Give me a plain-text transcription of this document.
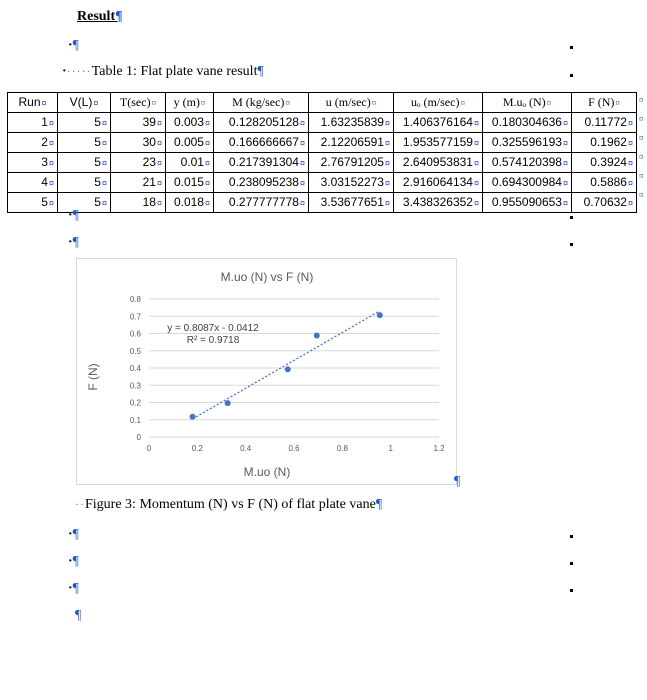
Result¶
·¶
······Table 1: Flat plate vane result¶
Run¤	V(L)¤	T(sec)¤	y (m)¤	M (kg/sec)¤	u (m/sec)¤	uₒ (m/sec)¤	M.uₒ (N)¤	F (N)¤
1¤	5¤	39¤	0.003¤	0.128205128¤	1.63235839¤	1.406376164¤	0.180304636¤	0.11772¤
2¤	5¤	30¤	0.005¤	0.166666667¤	2.12206591¤	1.953577159¤	0.325596193¤	0.1962¤
3¤	5¤	23¤	0.01¤	0.217391304¤	2.76791205¤	2.640953831¤	0.574120398¤	0.3924¤
4¤	5¤	21¤	0.015¤	0.238095238¤	3.03152273¤	2.916064134¤	0.694300984¤	0.5886¤
5¤	5¤	18¤	0.018¤	0.277777778¤	3.53677651¤	3.438326352¤	0.955090653¤	0.70632¤
¤
¤
¤
¤
¤
¤
·¶
·¶
M.uo (N) vs F (N)
0
0.1
0.2
0.3
0.4
0.5
0.6
0.7
0.8
0	0.2	0.4	0.6	0.8	1	1.2
M.uo (N)
F (N)
y = 0.8087x - 0.0412
R² = 0.9718
¶
··Figure 3: Momentum (N) vs F (N) of flat plate vane¶
·¶
·¶
·¶
¶
